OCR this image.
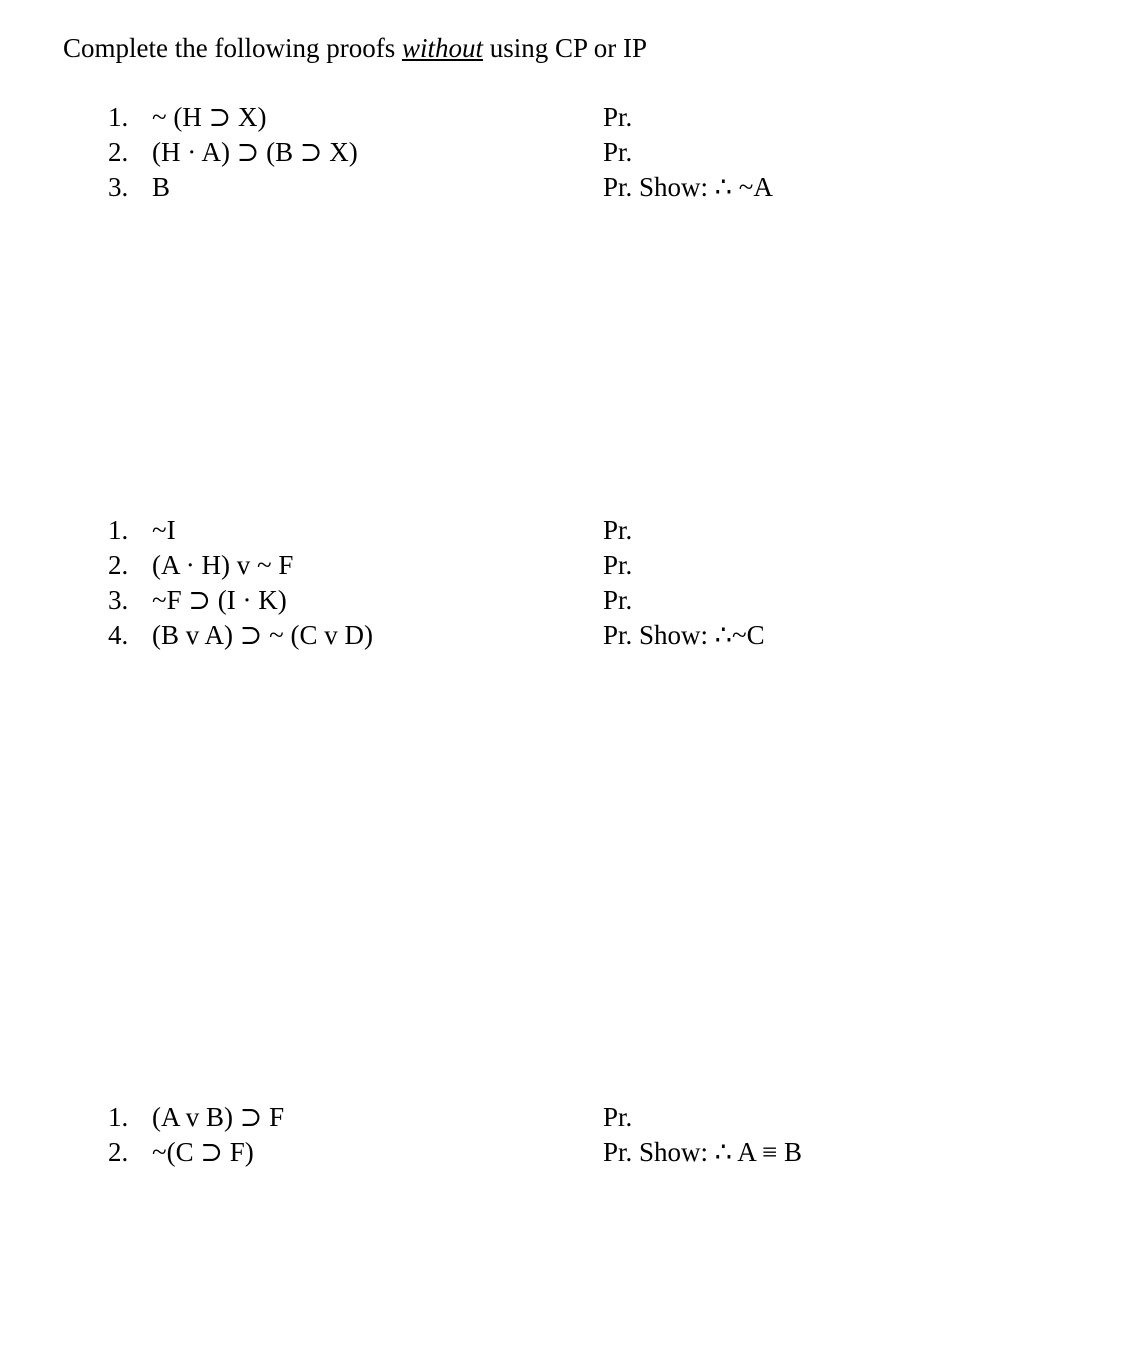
Complete the following proofs without using CP or IP
1. ~ (H ⊃ X)	Pr.
2. (H · A) ⊃ (B ⊃ X)	Pr.
3. B	Pr. Show: ∴ ~A
1. ~I	Pr.
2. (A · H) v ~ F	Pr.
3. ~F ⊃ (I · K)	Pr.
4. (B v A) ⊃ ~ (C v D)	Pr. Show: ∴~C
1. (A v B) ⊃ F	Pr.
2. ~(C ⊃ F)	Pr. Show: ∴ A ≡ B
